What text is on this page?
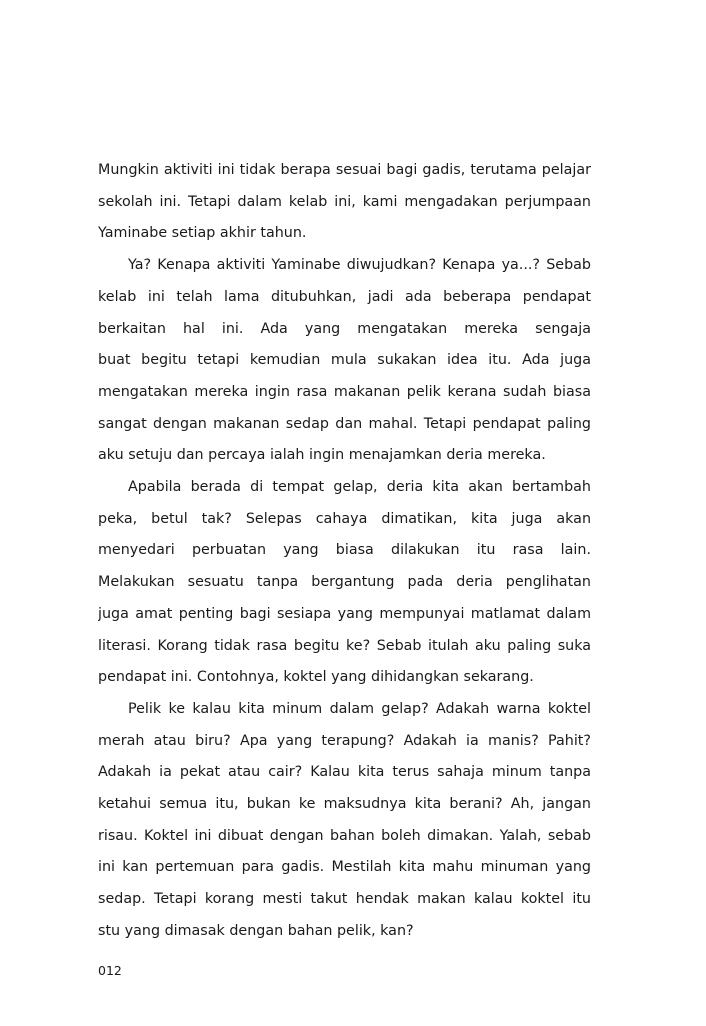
Mungkin aktiviti ini tidak berapa sesuai bagi gadis, terutama pelajar
sekolah ini. Tetapi dalam kelab ini, kami mengadakan perjumpaan
Yaminabe setiap akhir tahun.

Ya? Kenapa aktiviti Yaminabe diwujudkan? Kenapa ya...? Sebab
kelab ini telah lama ditubuhkan, jadi ada beberapa pendapat
berkaitan hal ini. Ada yang mengatakan mereka sengaja
buat begitu tetapi kemudian mula sukakan idea itu. Ada juga
mengatakan mereka ingin rasa makanan pelik kerana sudah biasa
sangat dengan makanan sedap dan mahal. Tetapi pendapat paling
aku setuju dan percaya ialah ingin menajamkan deria mereka.

Apabila berada di tempat gelap, deria kita akan bertambah
peka, betul tak? Selepas cahaya dimatikan, kita juga akan
menyedari perbuatan yang biasa dilakukan itu rasa lain.
Melakukan sesuatu tanpa bergantung pada deria penglihatan
juga amat penting bagi sesiapa yang mempunyai matlamat dalam
literasi. Korang tidak rasa begitu ke? Sebab itulah aku paling suka
pendapat ini. Contohnya, koktel yang dihidangkan sekarang.

Pelik ke kalau kita minum dalam gelap? Adakah warna koktel
merah atau biru? Apa yang terapung? Adakah ia manis? Pahit?
Adakah ia pekat atau cair? Kalau kita terus sahaja minum tanpa
ketahui semua itu, bukan ke maksudnya kita berani? Ah, jangan
risau. Koktel ini dibuat dengan bahan boleh dimakan. Yalah, sebab
ini kan pertemuan para gadis. Mestilah kita mahu minuman yang
sedap. Tetapi korang mesti takut hendak makan kalau koktel itu
stu yang dimasak dengan bahan pelik, kan?

012
